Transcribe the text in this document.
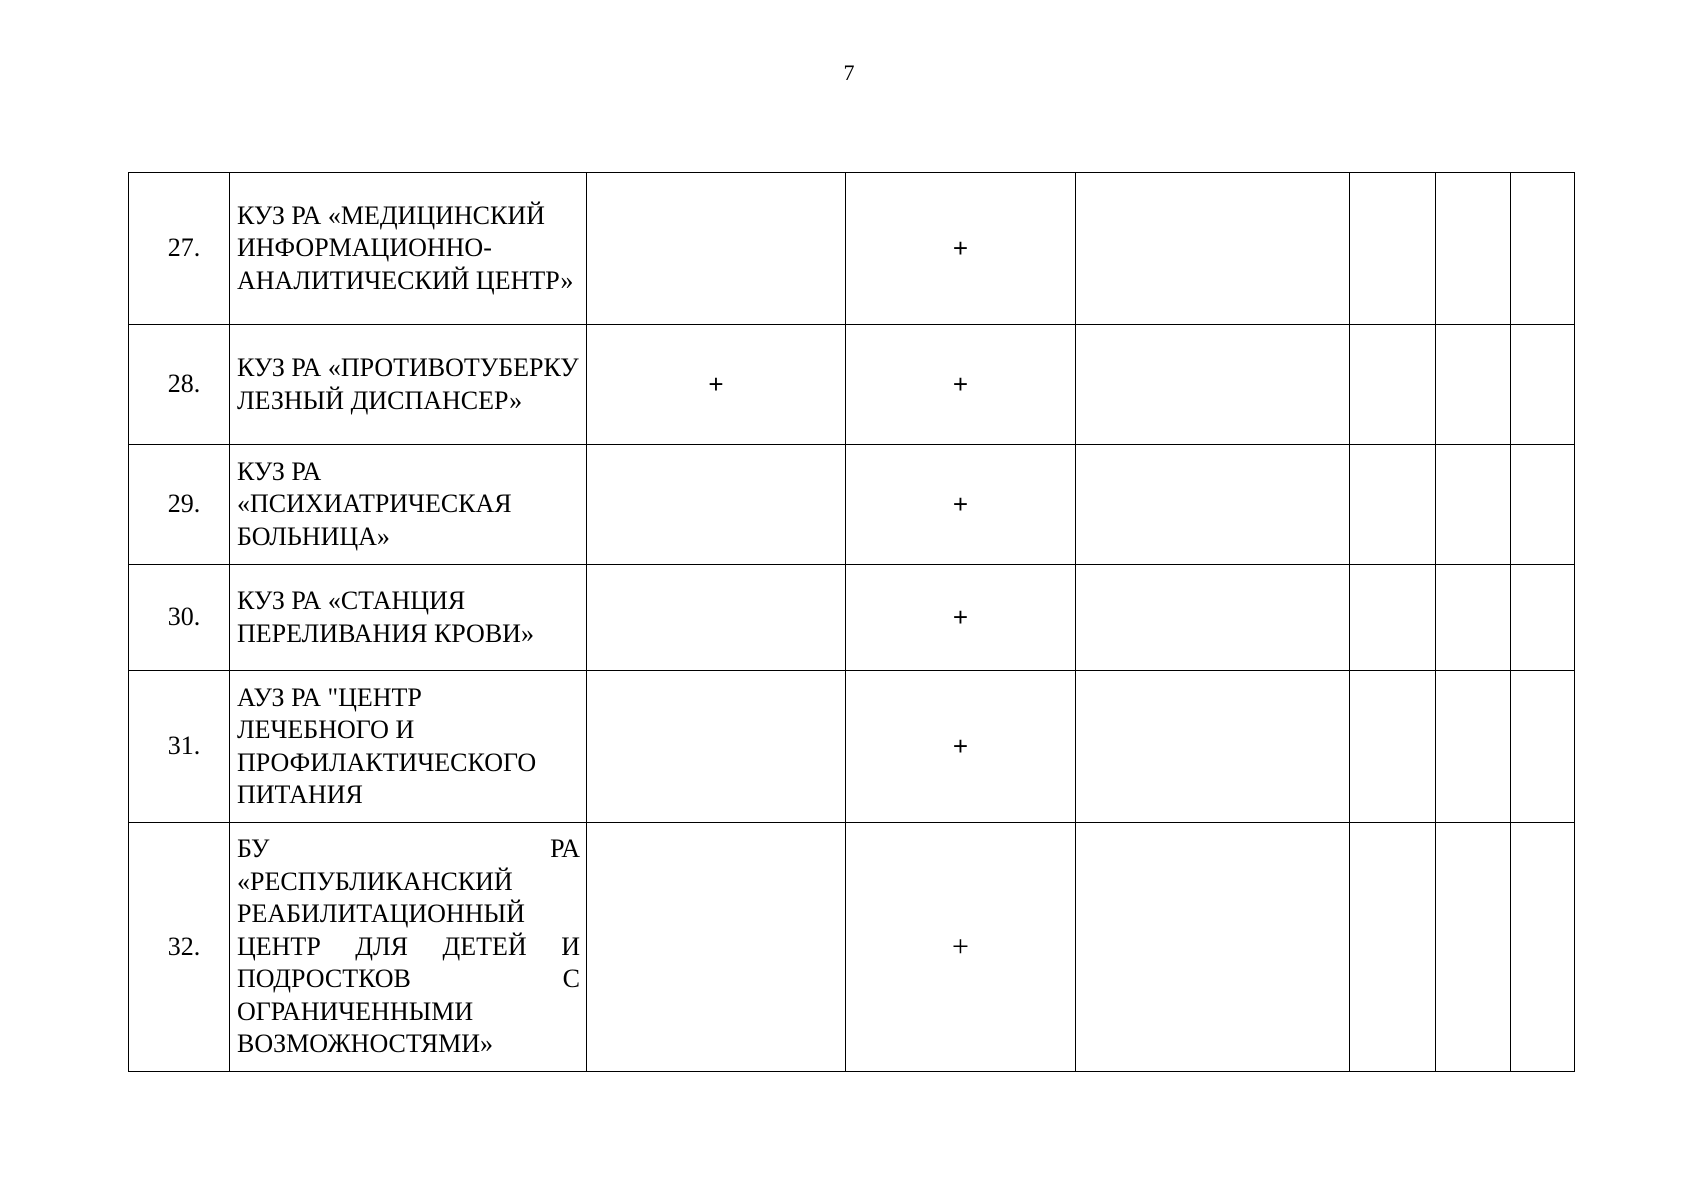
7
27.	КУЗ РА «МЕДИЦИНСКИЙ ИНФОРМАЦИОННО-АНАЛИТИЧЕСКИЙ ЦЕНТР»		+				
28.	КУЗ РА «ПРОТИВОТУБЕРКУЛЕЗНЫЙ ДИСПАНСЕР»	+	+				
29.	КУЗ РА «ПСИХИАТРИЧЕСКАЯ БОЛЬНИЦА»		+				
30.	КУЗ РА «СТАНЦИЯ ПЕРЕЛИВАНИЯ КРОВИ»		+				
31.	АУЗ РА "ЦЕНТР ЛЕЧЕБНОГО И ПРОФИЛАКТИЧЕСКОГО ПИТАНИЯ		+				
32.	БУ РА «РЕСПУБЛИКАНСКИЙ РЕАБИЛИТАЦИОННЫЙ ЦЕНТР ДЛЯ ДЕТЕЙ И ПОДРОСТКОВ С ОГРАНИЧЕННЫМИ ВОЗМОЖНОСТЯМИ»		+				
